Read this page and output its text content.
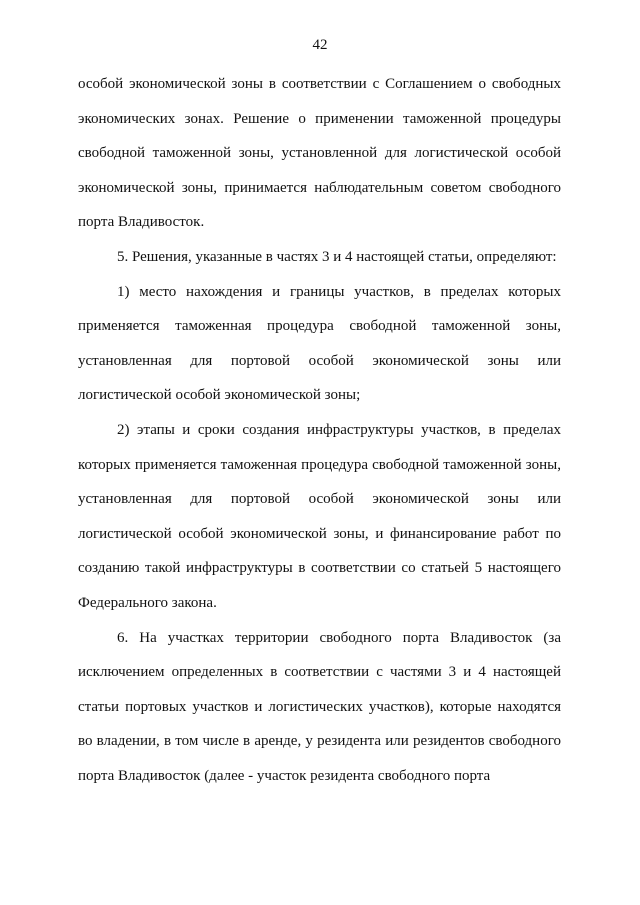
42

особой экономической зоны в соответствии с Соглашением о свободных экономических зонах. Решение о применении таможенной процедуры свободной таможенной зоны, установленной для логистической особой экономической зоны, принимается наблюдательным советом свободного порта Владивосток.

5. Решения, указанные в частях 3 и 4 настоящей статьи, определяют:

1) место нахождения и границы участков, в пределах которых применяется таможенная процедура свободной таможенной зоны, установленная для портовой особой экономической зоны или логистической особой экономической зоны;

2) этапы и сроки создания инфраструктуры участков, в пределах которых применяется таможенная процедура свободной таможенной зоны, установленная для портовой особой экономической зоны или логистической особой экономической зоны, и финансирование работ по созданию такой инфраструктуры в соответствии со статьей 5 настоящего Федерального закона.

6. На участках территории свободного порта Владивосток (за исключением определенных в соответствии с частями 3 и 4 настоящей статьи портовых участков и логистических участков), которые находятся во владении, в том числе в аренде, у резидента или резидентов свободного порта Владивосток (далее - участок резидента свободного порта
